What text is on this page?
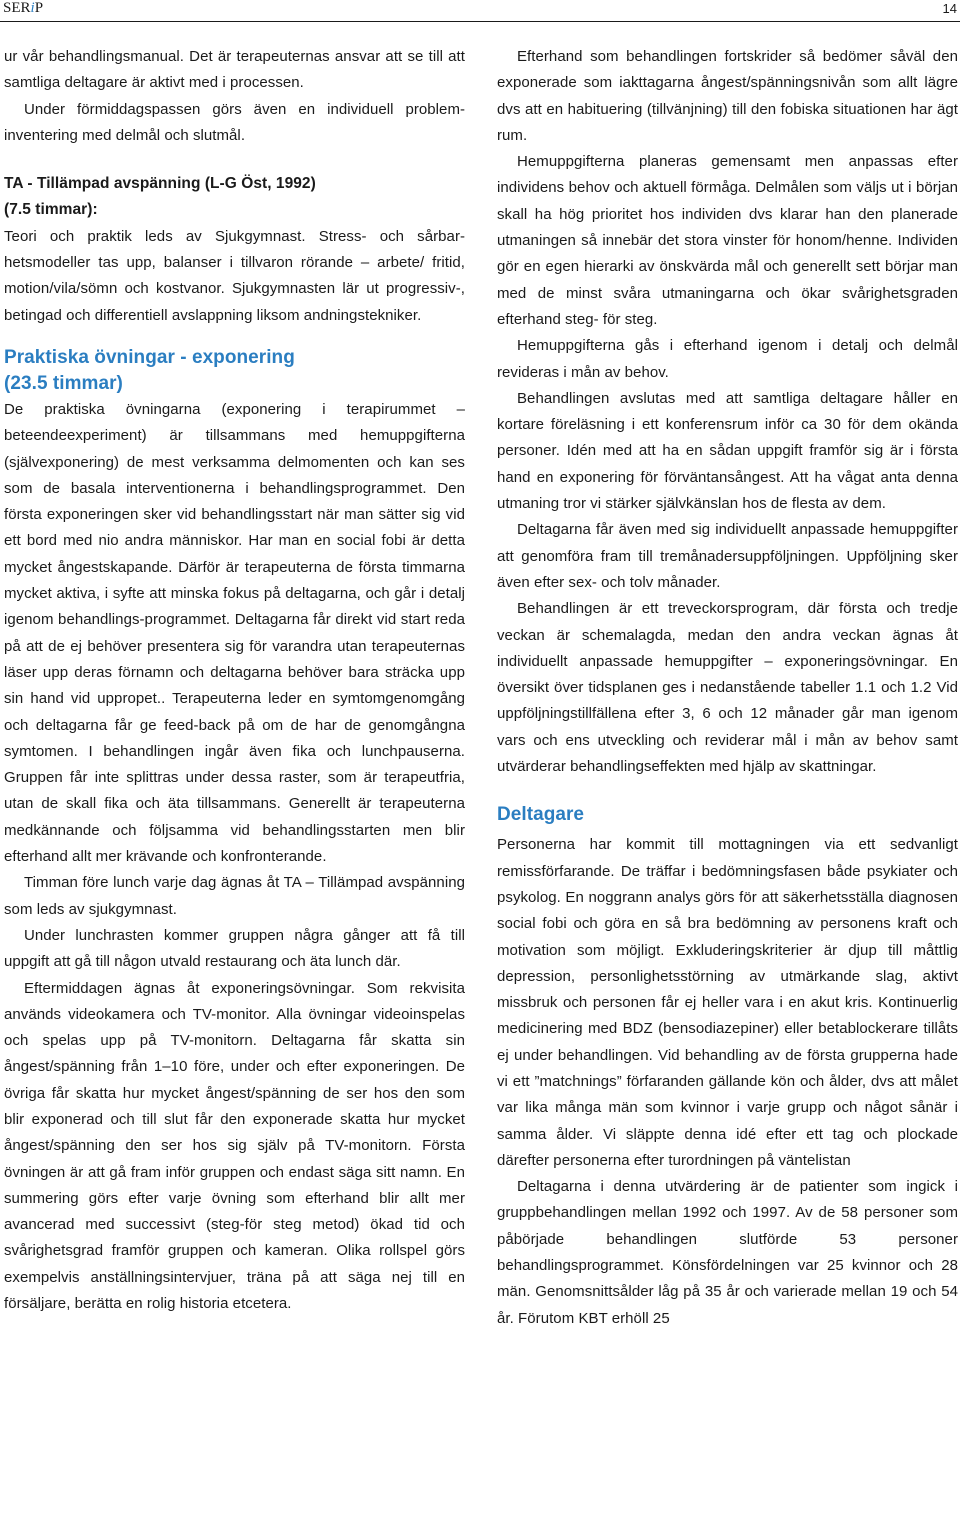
SERiP	14

ur vår behandlingsmanual. Det är terapeuternas ansvar att se till att samtliga deltagare är aktivt med i processen.

Under förmiddagspassen görs även en individuell probleminventering med delmål och slutmål.

TA - Tillämpad avspänning (L-G Öst, 1992)

(7.5 timmar):

Teori och praktik leds av Sjukgymnast. Stress- och sårbarhetsmodeller tas upp, balanser i tillvaron rörande – arbete/ fritid, motion/vila/sömn och kostvanor. Sjukgymnasten lär ut progressiv-, betingad och differentiell avslappning liksom andningstekniker.

Praktiska övningar - exponering

(23.5 timmar)

De praktiska övningarna (exponering i terapirummet – beteendeexperiment) är tillsammans med hemuppgifterna (självexponering) de mest verksamma delmomenten och kan ses som de basala interventionerna i behandlingsprogrammet. Den första exponeringen sker vid behandlingsstart när man sätter sig vid ett bord med nio andra människor. Har man en social fobi är detta mycket ångestskapande. Därför är terapeuterna de första timmarna mycket aktiva, i syfte att minska fokus på deltagarna, och går i detalj igenom behandlings-programmet. Deltagarna får direkt vid start reda på att de ej behöver presentera sig för varandra utan terapeuternas läser upp deras förnamn och deltagarna behöver bara sträcka upp sin hand vid uppropet.. Terapeuterna leder en symtomgenomgång och deltagarna får ge feed-back på om de har de genomgångna symtomen. I behandlingen ingår även fika och lunchpauserna. Gruppen får inte splittras under dessa raster, som är terapeutfria, utan de skall fika och äta tillsammans. Generellt är terapeuterna medkännande och följsamma vid behandlingsstarten men blir efterhand allt mer krävande och konfronterande.

Timman före lunch varje dag ägnas åt TA – Tillämpad avspänning som leds av sjukgymnast.

Under lunchrasten kommer gruppen några gånger att få till uppgift att gå till någon utvald restaurang och äta lunch där.

Eftermiddagen ägnas åt exponeringsövningar. Som rekvisita används videokamera och TV-monitor. Alla övningar videoinspelas och spelas upp på TV-monitorn. Deltagarna får skatta sin ångest/spänning från 1–10 före, under och efter exponeringen. De övriga får skatta hur mycket ångest/spänning de ser hos den som blir exponerad och till slut får den exponerade skatta hur mycket ångest/spänning den ser hos sig själv på TV-monitorn. Första övningen är att gå fram inför gruppen och endast säga sitt namn. En summering görs efter varje övning som efterhand blir allt mer avancerad med successivt (steg-för steg metod) ökad tid och svårighetsgrad framför gruppen och kameran. Olika rollspel görs exempelvis anställningsintervjuer, träna på att säga nej till en försäljare, berätta en rolig historia etcetera.

Efterhand som behandlingen fortskrider så bedömer såväl den exponerade som iakttagarna ångest/spänningsnivån som allt lägre dvs att en habituering (tillvänjning) till den fobiska situationen har ägt rum.

Hemuppgifterna planeras gemensamt men anpassas efter individens behov och aktuell förmåga. Delmålen som väljs ut i början skall ha hög prioritet hos individen dvs klarar han den planerade utmaningen så innebär det stora vinster för honom/henne. Individen gör en egen hierarki av önskvärda mål och generellt sett börjar man med de minst svåra utmaningarna och ökar svårighetsgraden efterhand steg- för steg.

Hemuppgifterna gås i efterhand igenom i detalj och delmål revideras i mån av behov.

Behandlingen avslutas med att samtliga deltagare håller en kortare föreläsning i ett konferensrum inför ca 30 för dem okända personer. Idén med att ha en sådan uppgift framför sig är i första hand en exponering för förväntansångest. Att ha vågat anta denna utmaning tror vi stärker självkänslan hos de flesta av dem.

Deltagarna får även med sig individuellt anpassade hemuppgifter att genomföra fram till tremånadersuppföljningen. Uppföljning sker även efter sex- och tolv månader.

Behandlingen är ett treveckorsprogram, där första och tredje veckan är schemalagda, medan den andra veckan ägnas åt individuellt anpassade hemuppgifter – exponeringsövningar. En översikt över tidsplanen ges i nedanstående tabeller 1.1 och 1.2 Vid uppföljningstillfällena efter 3, 6 och 12 månader går man igenom vars och ens utveckling och reviderar mål i mån av behov samt utvärderar behandlingseffekten med hjälp av skattningar.

Deltagare

Personerna har kommit till mottagningen via ett sedvanligt remissförfarande. De träffar i bedömningsfasen både psykiater och psykolog. En noggrann analys görs för att säkerhetsställa diagnosen social fobi och göra en så bra bedömning av personens kraft och motivation som möjligt. Exkluderingskriterier är djup till måttlig depression, personlighetsstörning av utmärkande slag, aktivt missbruk och personen får ej heller vara i en akut kris. Kontinuerlig medicinering med BDZ (bensodiazepiner) eller betablockerare tillåts ej under behandlingen. Vid behandling av de första grupperna hade vi ett ”matchnings” förfaranden gällande kön och ålder, dvs att målet var lika många män som kvinnor i varje grupp och något sånär i samma ålder. Vi släppte denna idé efter ett tag och plockade därefter personerna efter turordningen på väntelistan

Deltagarna i denna utvärdering är de patienter som ingick i gruppbehandlingen mellan 1992 och 1997. Av de 58 personer som påbörjade behandlingen slutförde 53 personer behandlingsprogrammet. Könsfördelningen var 25 kvinnor och 28 män. Genomsnittsålder låg på 35 år och varierade mellan 19 och 54 år. Förutom KBT erhöll 25
